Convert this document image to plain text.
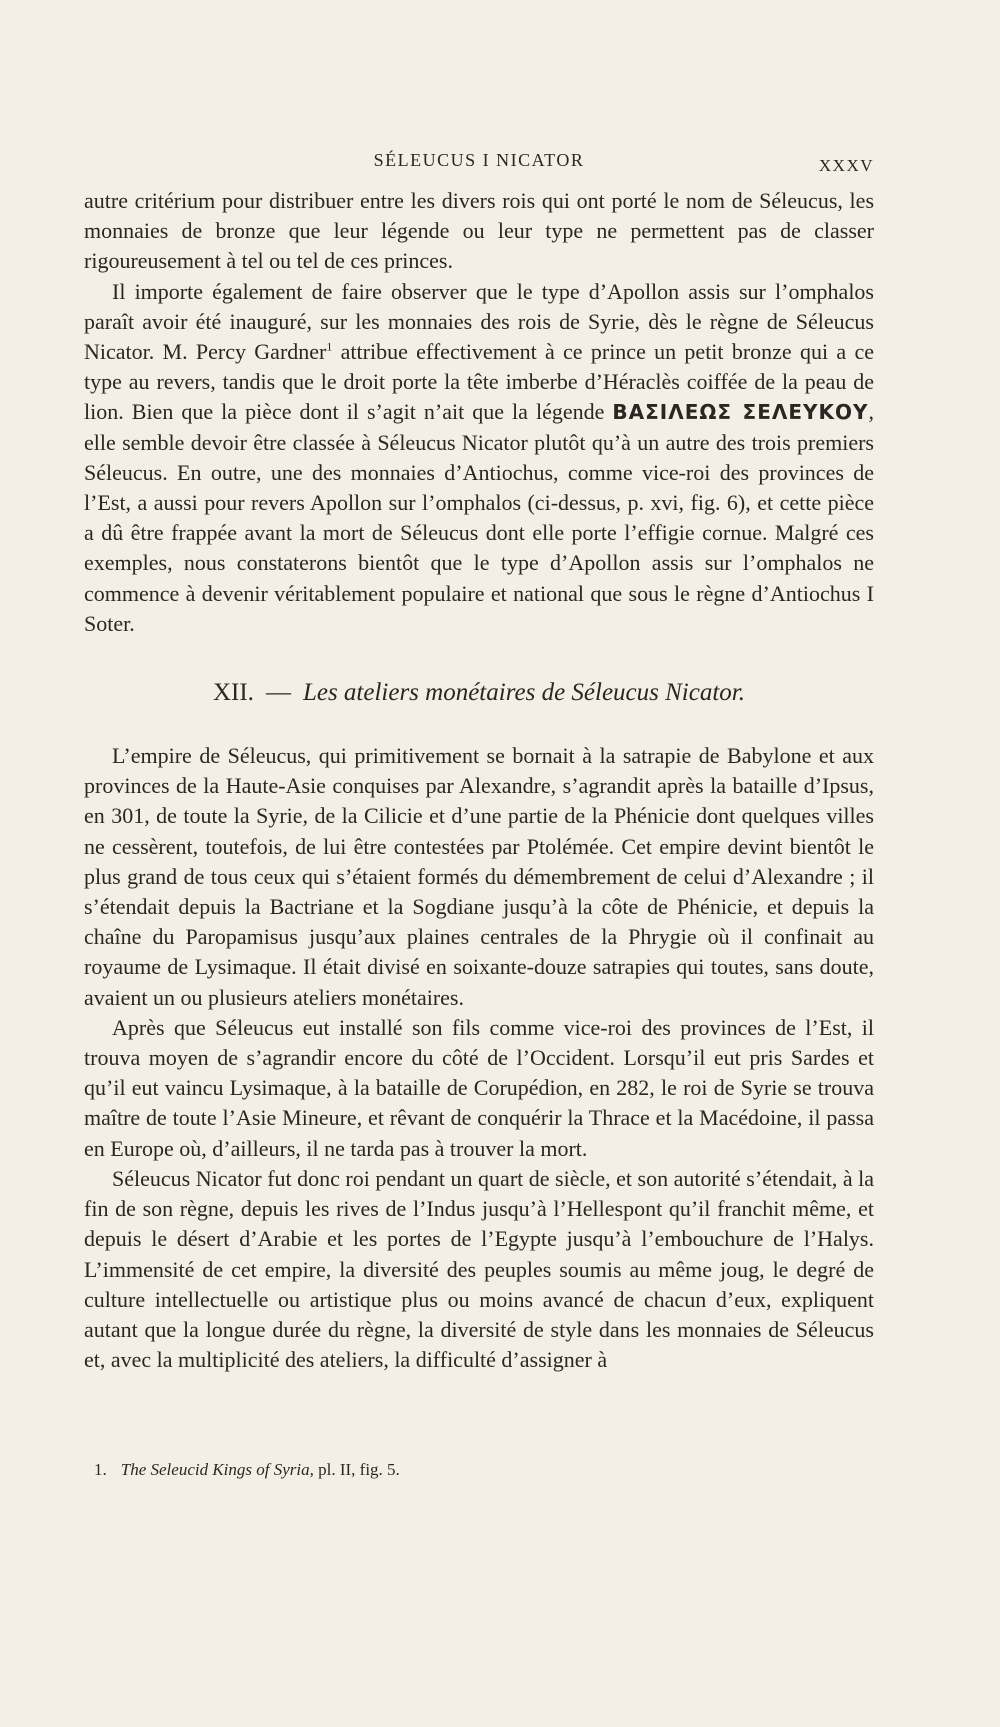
SÉLEUCUS I NICATOR	XXXV

autre critérium pour distribuer entre les divers rois qui ont porté le nom de Séleucus, les monnaies de bronze que leur légende ou leur type ne permettent pas de classer rigoureusement à tel ou tel de ces princes.

Il importe également de faire observer que le type d’Apollon assis sur l’omphalos paraît avoir été inauguré, sur les monnaies des rois de Syrie, dès le règne de Séleucus Nicator. M. Percy Gardner$^1$ attribue effectivement à ce prince un petit bronze qui a ce type au revers, tandis que le droit porte la tête imberbe d’Héraclès coiffée de la peau de lion. Bien que la pièce dont il s’agit n’ait que la légende ΒΑΣΙΛΕΩΣ ΣΕΛΕΥΚΟΥ, elle semble devoir être classée à Séleucus Nicator plutôt qu’à un autre des trois premiers Séleucus. En outre, une des monnaies d’Antiochus, comme vice-roi des provinces de l’Est, a aussi pour revers Apollon sur l’omphalos (ci-dessus, p. xvi, fig. 6), et cette pièce a dû être frappée avant la mort de Séleucus dont elle porte l’effigie cornue. Malgré ces exemples, nous constaterons bientôt que le type d’Apollon assis sur l’omphalos ne commence à devenir véritablement populaire et national que sous le règne d’Antiochus I Soter.

XII. — Les ateliers monétaires de Séleucus Nicator.

L’empire de Séleucus, qui primitivement se bornait à la satrapie de Babylone et aux provinces de la Haute-Asie conquises par Alexandre, s’agrandit après la bataille d’Ipsus, en 301, de toute la Syrie, de la Cilicie et d’une partie de la Phénicie dont quelques villes ne cessèrent, toutefois, de lui être contestées par Ptolémée. Cet empire devint bientôt le plus grand de tous ceux qui s’étaient formés du démembrement de celui d’Alexandre ; il s’étendait depuis la Bactriane et la Sogdiane jusqu’à la côte de Phénicie, et depuis la chaîne du Paropamisus jusqu’aux plaines centrales de la Phrygie où il confinait au royaume de Lysimaque. Il était divisé en soixante-douze satrapies qui toutes, sans doute, avaient un ou plusieurs ateliers monétaires.

Après que Séleucus eut installé son fils comme vice-roi des provinces de l’Est, il trouva moyen de s’agrandir encore du côté de l’Occident. Lorsqu’il eut pris Sardes et qu’il eut vaincu Lysimaque, à la bataille de Corupédion, en 282, le roi de Syrie se trouva maître de toute l’Asie Mineure, et rêvant de conquérir la Thrace et la Macédoine, il passa en Europe où, d’ailleurs, il ne tarda pas à trouver la mort.

Séleucus Nicator fut donc roi pendant un quart de siècle, et son autorité s’étendait, à la fin de son règne, depuis les rives de l’Indus jusqu’à l’Hellespont qu’il franchit même, et depuis le désert d’Arabie et les portes de l’Egypte jusqu’à l’embouchure de l’Halys. L’immensité de cet empire, la diversité des peuples soumis au même joug, le degré de culture intellectuelle ou artistique plus ou moins avancé de chacun d’eux, expliquent autant que la longue durée du règne, la diversité de style dans les monnaies de Séleucus et, avec la multiplicité des ateliers, la difficulté d’assigner à

1. The Seleucid Kings of Syria, pl. II, fig. 5.
